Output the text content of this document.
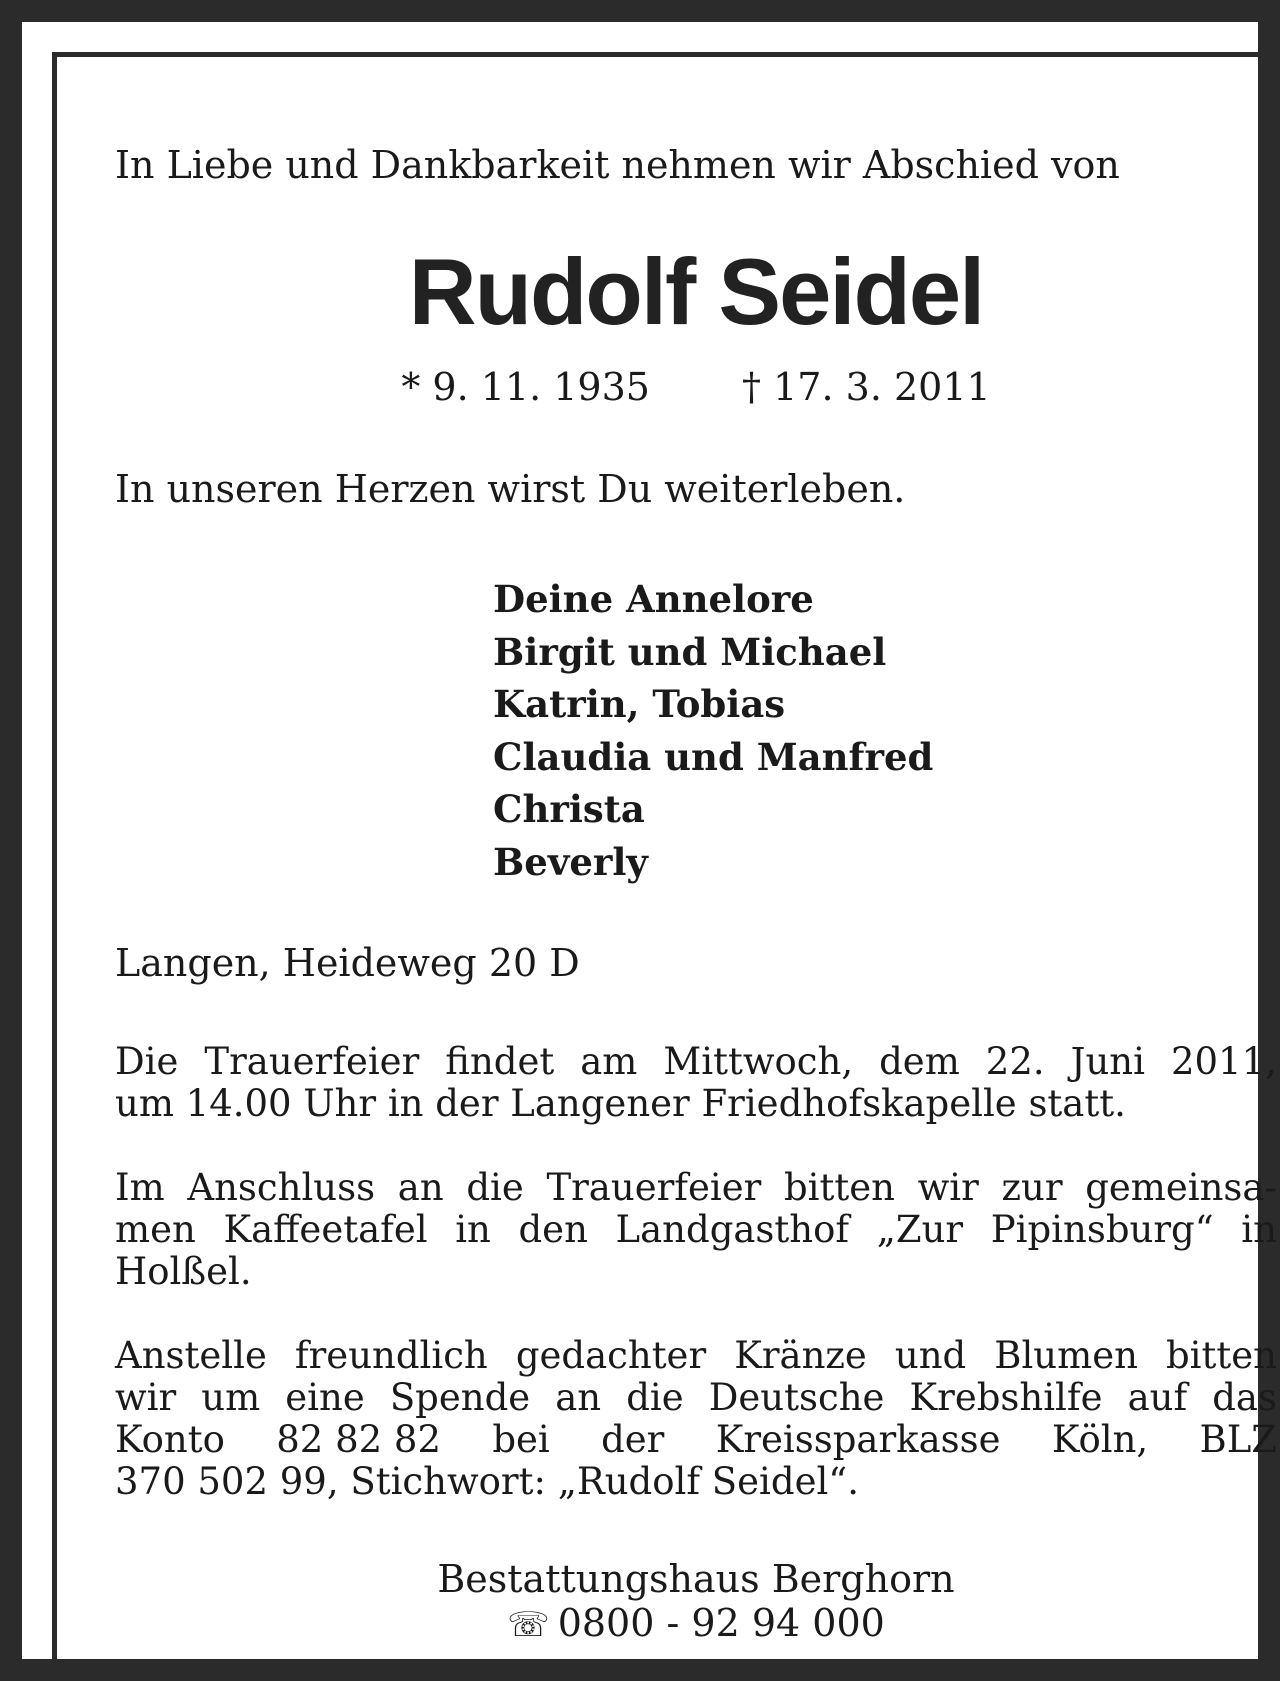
In Liebe und Dankbarkeit nehmen wir Abschied von
Rudolf Seidel
* 9. 11. 1935 † 17. 3. 2011
In unseren Herzen wirst Du weiterleben.
Deine Annelore
Birgit und Michael
Katrin, Tobias
Claudia und Manfred
Christa
Beverly
Langen, Heideweg 20 D
Die Trauerfeier findet am Mittwoch, dem 22. Juni 2011,
um 14.00 Uhr in der Langener Friedhofskapelle statt.
Im Anschluss an die Trauerfeier bitten wir zur gemeinsa-
men Kaffeetafel in den Landgasthof „Zur Pipinsburg“ in
Holßel.
Anstelle freundlich gedachter Kränze und Blumen bitten
wir um eine Spende an die Deutsche Krebshilfe auf das
Konto 82 82 82 bei der Kreissparkasse Köln, BLZ
370 502 99, Stichwort: „Rudolf Seidel“.
Bestattungshaus Berghorn
☏ 0800 - 92 94 000
